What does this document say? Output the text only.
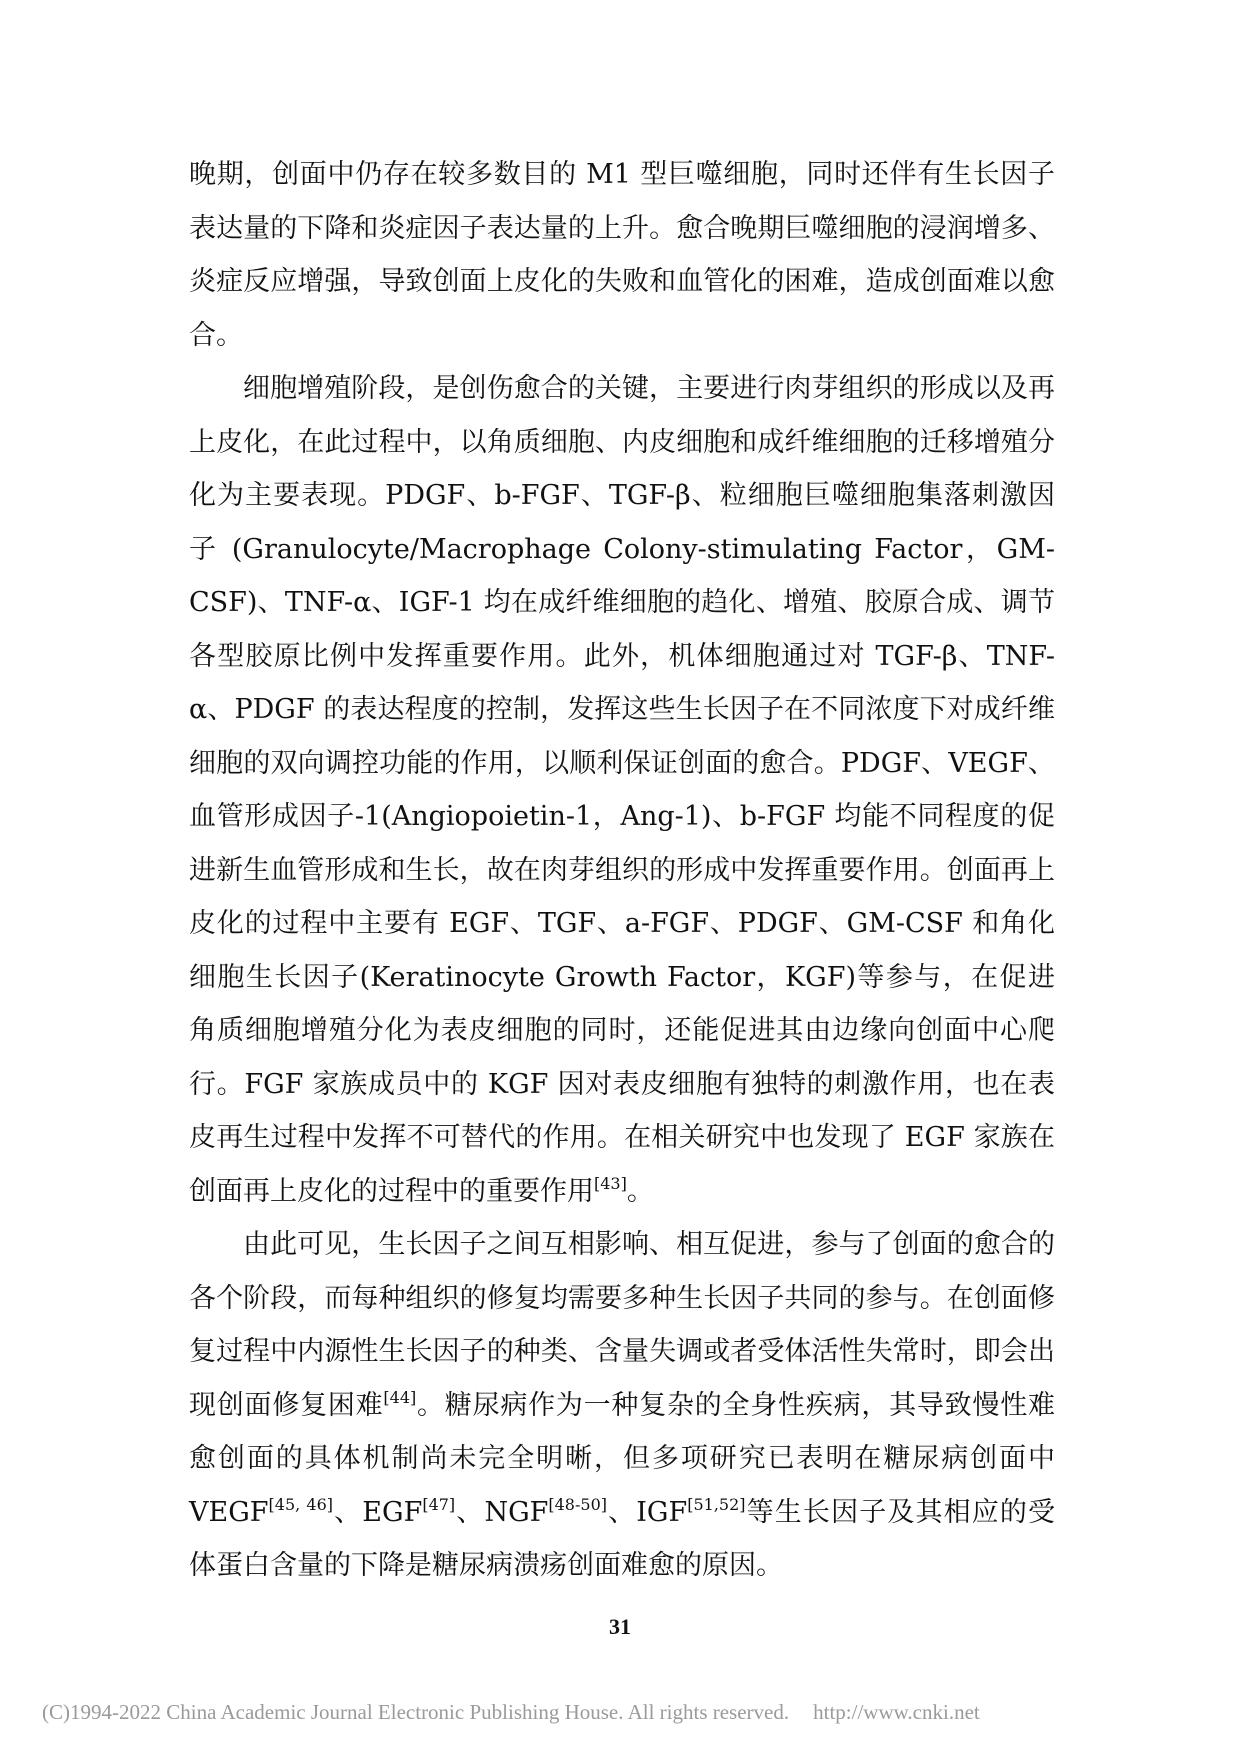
晚期，创面中仍存在较多数目的 M1 型巨噬细胞，同时还伴有生长因子表达量的下降和炎症因子表达量的上升。愈合晚期巨噬细胞的浸润增多、炎症反应增强，导致创面上皮化的失败和血管化的困难，造成创面难以愈合。

细胞增殖阶段，是创伤愈合的关键，主要进行肉芽组织的形成以及再上皮化，在此过程中，以角质细胞、内皮细胞和成纤维细胞的迁移增殖分化为主要表现。PDGF、b-FGF、TGF-β、粒细胞巨噬细胞集落刺激因子 (Granulocyte/Macrophage Colony-stimulating Factor，GM-CSF)、TNF-α、IGF-1 均在成纤维细胞的趋化、增殖、胶原合成、调节各型胶原比例中发挥重要作用。此外，机体细胞通过对 TGF-β、TNF-α、PDGF 的表达程度的控制，发挥这些生长因子在不同浓度下对成纤维细胞的双向调控功能的作用，以顺利保证创面的愈合。PDGF、VEGF、血管形成因子-1(Angiopoietin-1，Ang-1)、b-FGF 均能不同程度的促进新生血管形成和生长，故在肉芽组织的形成中发挥重要作用。创面再上皮化的过程中主要有 EGF、TGF、a-FGF、PDGF、GM-CSF 和角化细胞生长因子(Keratinocyte Growth Factor，KGF)等参与，在促进角质细胞增殖分化为表皮细胞的同时，还能促进其由边缘向创面中心爬行。FGF 家族成员中的 KGF 因对表皮细胞有独特的刺激作用，也在表皮再生过程中发挥不可替代的作用。在相关研究中也发现了 EGF 家族在创面再上皮化的过程中的重要作用[43]。

由此可见，生长因子之间互相影响、相互促进，参与了创面的愈合的各个阶段，而每种组织的修复均需要多种生长因子共同的参与。在创面修复过程中内源性生长因子的种类、含量失调或者受体活性失常时，即会出现创面修复困难[44]。糖尿病作为一种复杂的全身性疾病，其导致慢性难愈创面的具体机制尚未完全明晰，但多项研究已表明在糖尿病创面中 VEGF[45, 46]、EGF[47]、NGF[48-50]、IGF[51,52]等生长因子及其相应的受体蛋白含量的下降是糖尿病溃疡创面难愈的原因。

31
(C)1994-2022 China Academic Journal Electronic Publishing House. All rights reserved. http://www.cnki.net
